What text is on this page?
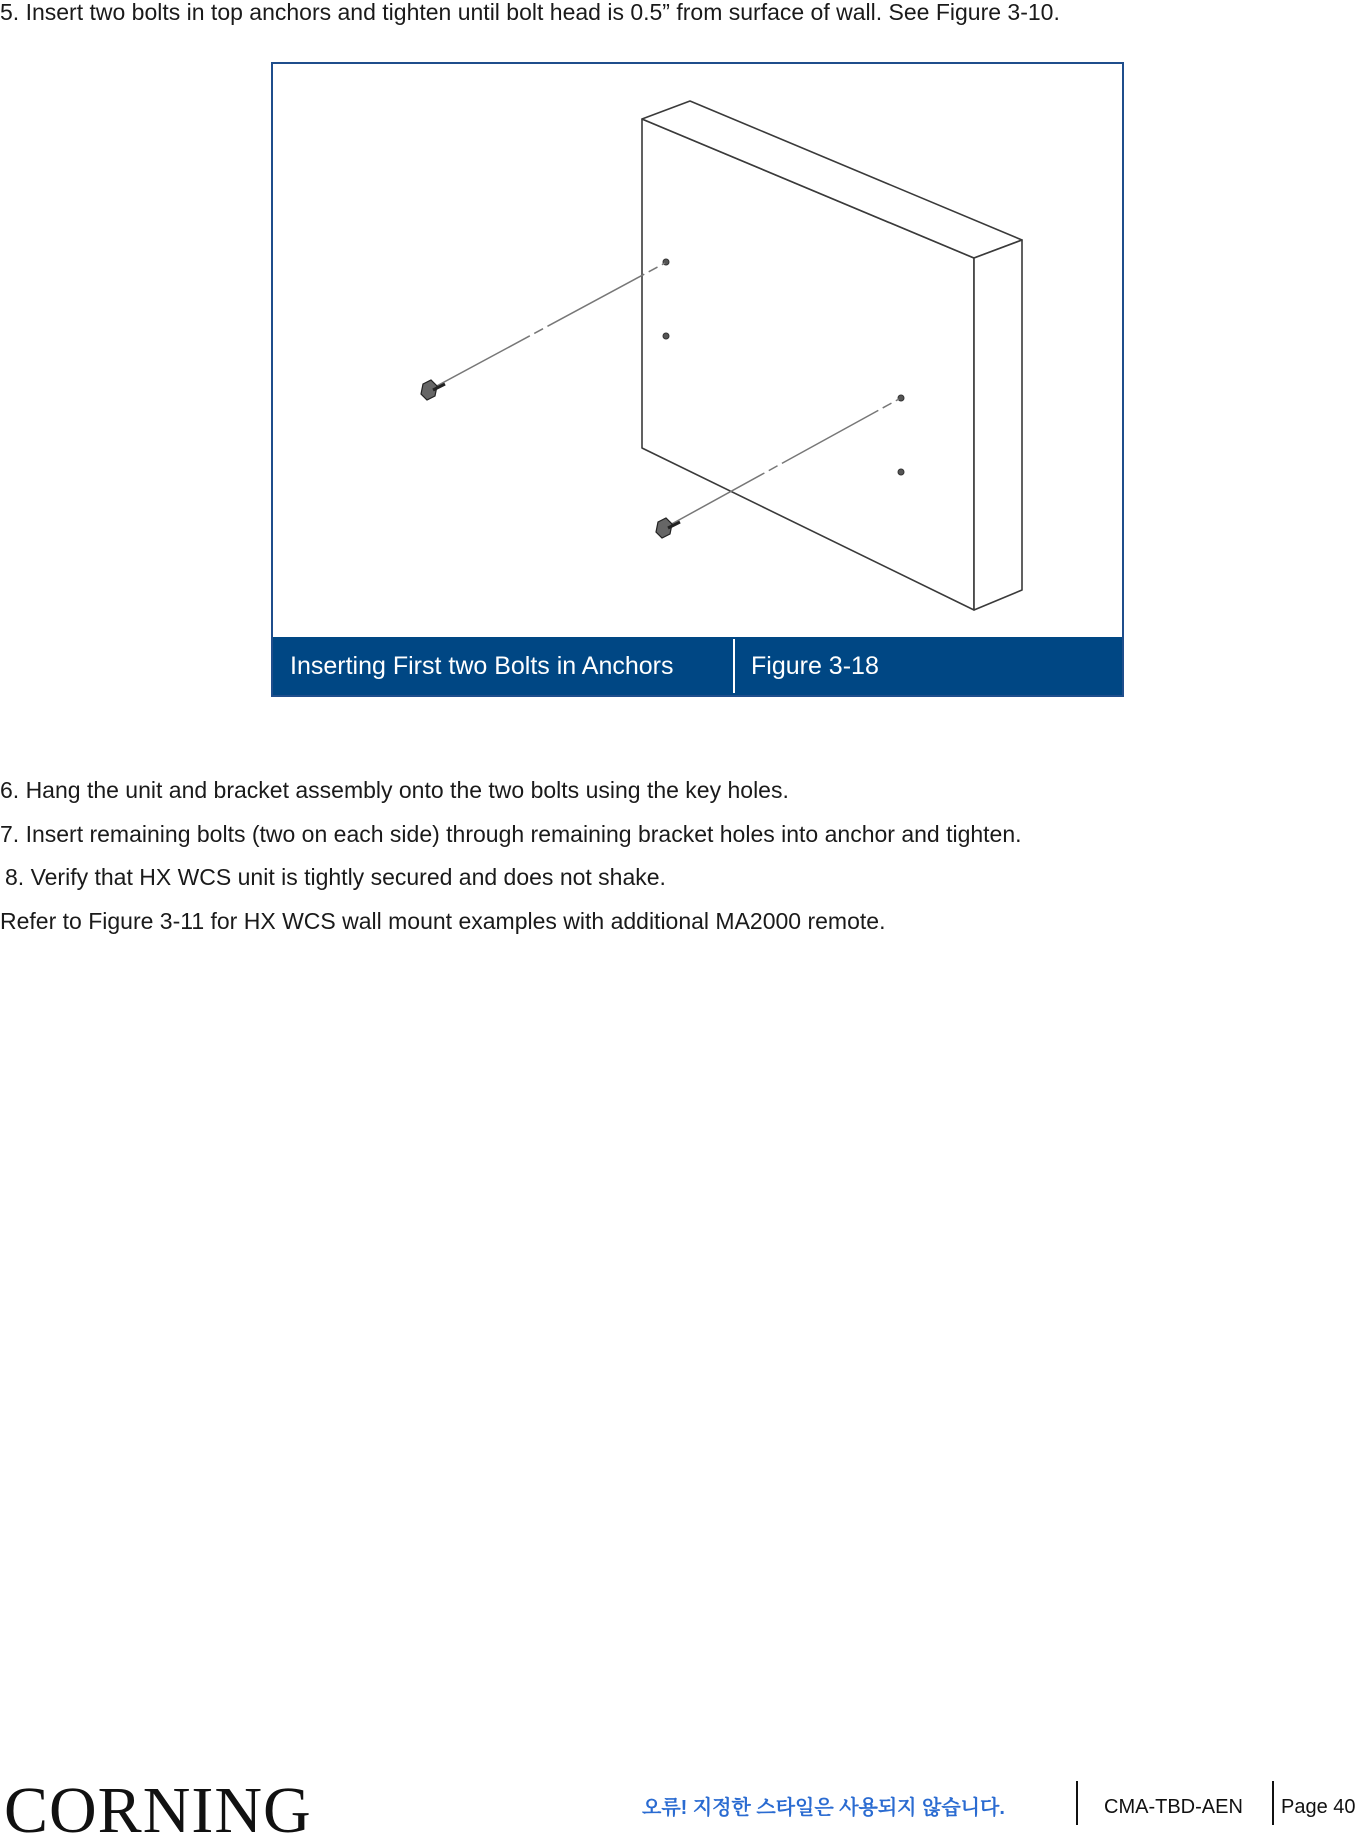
5. Insert two bolts in top anchors and tighten until bolt head is 0.5” from surface of wall. See Figure 3-10.
Inserting First two Bolts in Anchors	Figure 3-18
6. Hang the unit and bracket assembly onto the two bolts using the key holes.
7. Insert remaining bolts (two on each side) through remaining bracket holes into anchor and tighten.
8. Verify that HX WCS unit is tightly secured and does not shake.
Refer to Figure 3-11 for HX WCS wall mount examples with additional MA2000 remote.
CORNING	오류! 지정한 스타일은 사용되지 않습니다.	CMA-TBD-AEN Page 40
